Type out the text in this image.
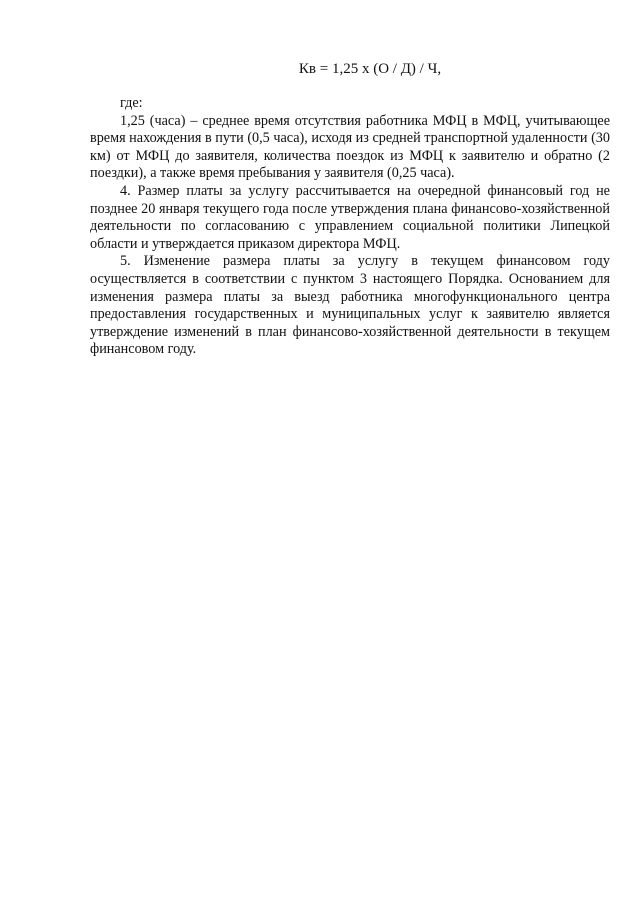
Кв = 1,25 x (О / Д) / Ч,

где:

1,25 (часа) – среднее время отсутствия работника МФЦ в МФЦ, учитывающее время нахождения в пути (0,5 часа), исходя из средней транспортной удаленности (30 км) от МФЦ до заявителя, количества поездок из МФЦ к заявителю и обратно (2 поездки), а также время пребывания у заявителя (0,25 часа).

4. Размер платы за услугу рассчитывается на очередной финансовый год не позднее 20 января текущего года после утверждения плана финансово-хозяйственной деятельности по согласованию с управлением социальной политики Липецкой области и утверждается приказом директора МФЦ.

5. Изменение размера платы за услугу в текущем финансовом году осуществляется в соответствии с пунктом 3 настоящего Порядка. Основанием для изменения размера платы за выезд работника многофункционального центра предоставления государственных и муниципальных услуг к заявителю является утверждение изменений в план финансово-хозяйственной деятельности в текущем финансовом году.
